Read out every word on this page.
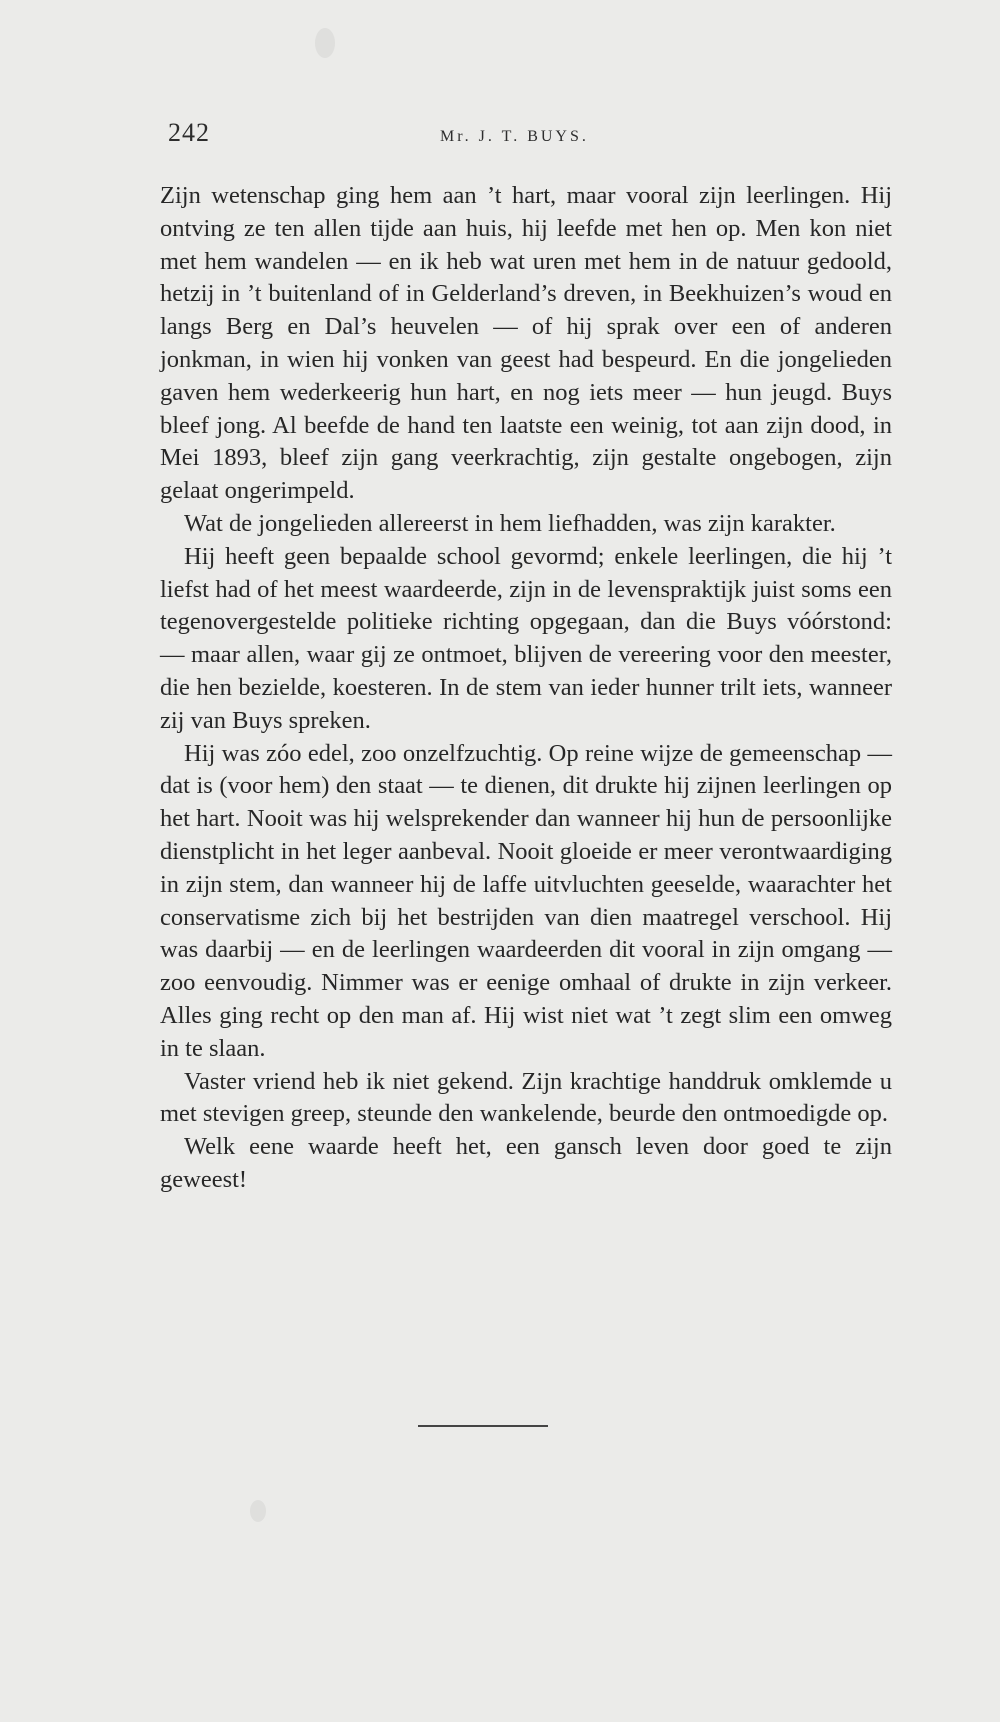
242	Mr. J. T. BUYS.

Zijn wetenschap ging hem aan ’t hart, maar vooral zijn leerlingen. Hij ontving ze ten allen tijde aan huis, hij leefde met hen op. Men kon niet met hem wandelen — en ik heb wat uren met hem in de natuur gedoold, hetzij in ’t buitenland of in Gelderland’s dreven, in Beekhuizen’s woud en langs Berg en Dal’s heuvelen — of hij sprak over een of anderen jonkman, in wien hij vonken van geest had bespeurd. En die jongelieden gaven hem wederkeerig hun hart, en nog iets meer — hun jeugd. Buys bleef jong. Al beefde de hand ten laatste een weinig, tot aan zijn dood, in Mei 1893, bleef zijn gang veerkrachtig, zijn gestalte ongebogen, zijn gelaat ongerimpeld.

Wat de jongelieden allereerst in hem liefhadden, was zijn karakter.

Hij heeft geen bepaalde school gevormd; enkele leerlingen, die hij ’t liefst had of het meest waardeerde, zijn in de levenspraktijk juist soms een tegenovergestelde politieke richting opgegaan, dan die Buys vóórstond: — maar allen, waar gij ze ontmoet, blijven de vereering voor den meester, die hen bezielde, koesteren. In de stem van ieder hunner trilt iets, wanneer zij van Buys spreken.

Hij was zóo edel, zoo onzelfzuchtig. Op reine wijze de gemeenschap — dat is (voor hem) den staat — te dienen, dit drukte hij zijnen leerlingen op het hart. Nooit was hij welsprekender dan wanneer hij hun de persoonlijke dienstplicht in het leger aanbeval. Nooit gloeide er meer verontwaardiging in zijn stem, dan wanneer hij de laffe uitvluchten geeselde, waarachter het conservatisme zich bij het bestrijden van dien maatregel verschool. Hij was daarbij — en de leerlingen waardeerden dit vooral in zijn omgang — zoo eenvoudig. Nimmer was er eenige omhaal of drukte in zijn verkeer. Alles ging recht op den man af. Hij wist niet wat ’t zegt slim een omweg in te slaan.

Vaster vriend heb ik niet gekend. Zijn krachtige handdruk omklemde u met stevigen greep, steunde den wankelende, beurde den ontmoedigde op.

Welk eene waarde heeft het, een gansch leven door goed te zijn geweest!
